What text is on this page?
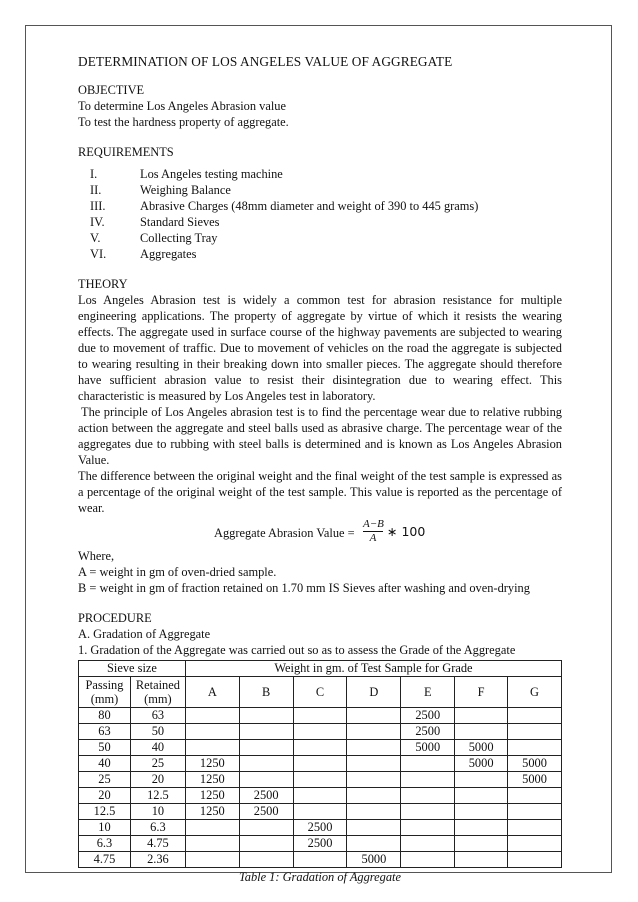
DETERMINATION OF LOS ANGELES VALUE OF AGGREGATE

OBJECTIVE

To determine Los Angeles Abrasion value

To test the hardness property of aggregate.

REQUIREMENTS

I.	Los Angeles testing machine
II.	Weighing Balance
III.	Abrasive Charges (48mm diameter and weight of 390 to 445 grams)
IV.	Standard Sieves
V.	Collecting Tray
VI.	Aggregates

THEORY

Los Angeles Abrasion test is widely a common test for abrasion resistance for multiple engineering applications. The property of aggregate by virtue of which it resists the wearing effects. The aggregate used in surface course of the highway pavements are subjected to wearing due to movement of traffic. Due to movement of vehicles on the road the aggregate is subjected to wearing resulting in their breaking down into smaller pieces. The aggregate should therefore have sufficient abrasion value to resist their disintegration due to wearing effect. This characteristic is measured by Los Angeles test in laboratory.

The principle of Los Angeles abrasion test is to find the percentage wear due to relative rubbing action between the aggregate and steel balls used as abrasive charge. The percentage wear of the aggregates due to rubbing with steel balls is determined and is known as Los Angeles Abrasion Value.

The difference between the original weight and the final weight of the test sample is expressed as a percentage of the original weight of the test sample. This value is reported as the percentage of wear.

Aggregate Abrasion Value = $\frac{A-B}{A}$ ∗ 100

Where,

A = weight in gm of oven-dried sample.

B = weight in gm of fraction retained on 1.70 mm IS Sieves after washing and oven-drying

PROCEDURE

A. Gradation of Aggregate

1. Gradation of the Aggregate was carried out so as to assess the Grade of the Aggregate

Sieve size		Weight in gm. of Test Sample for Grade						
Passing (mm)	Retained (mm)	A	B	C	D	E	F	G
80	63					2500		
63	50					2500		
50	40					5000	5000	
40	25	1250					5000	5000
25	20	1250						5000
20	12.5	1250	2500					
12.5	10	1250	2500					
10	6.3			2500				
6.3	4.75			2500				
4.75	2.36				5000			

Table 1: Gradation of Aggregate
